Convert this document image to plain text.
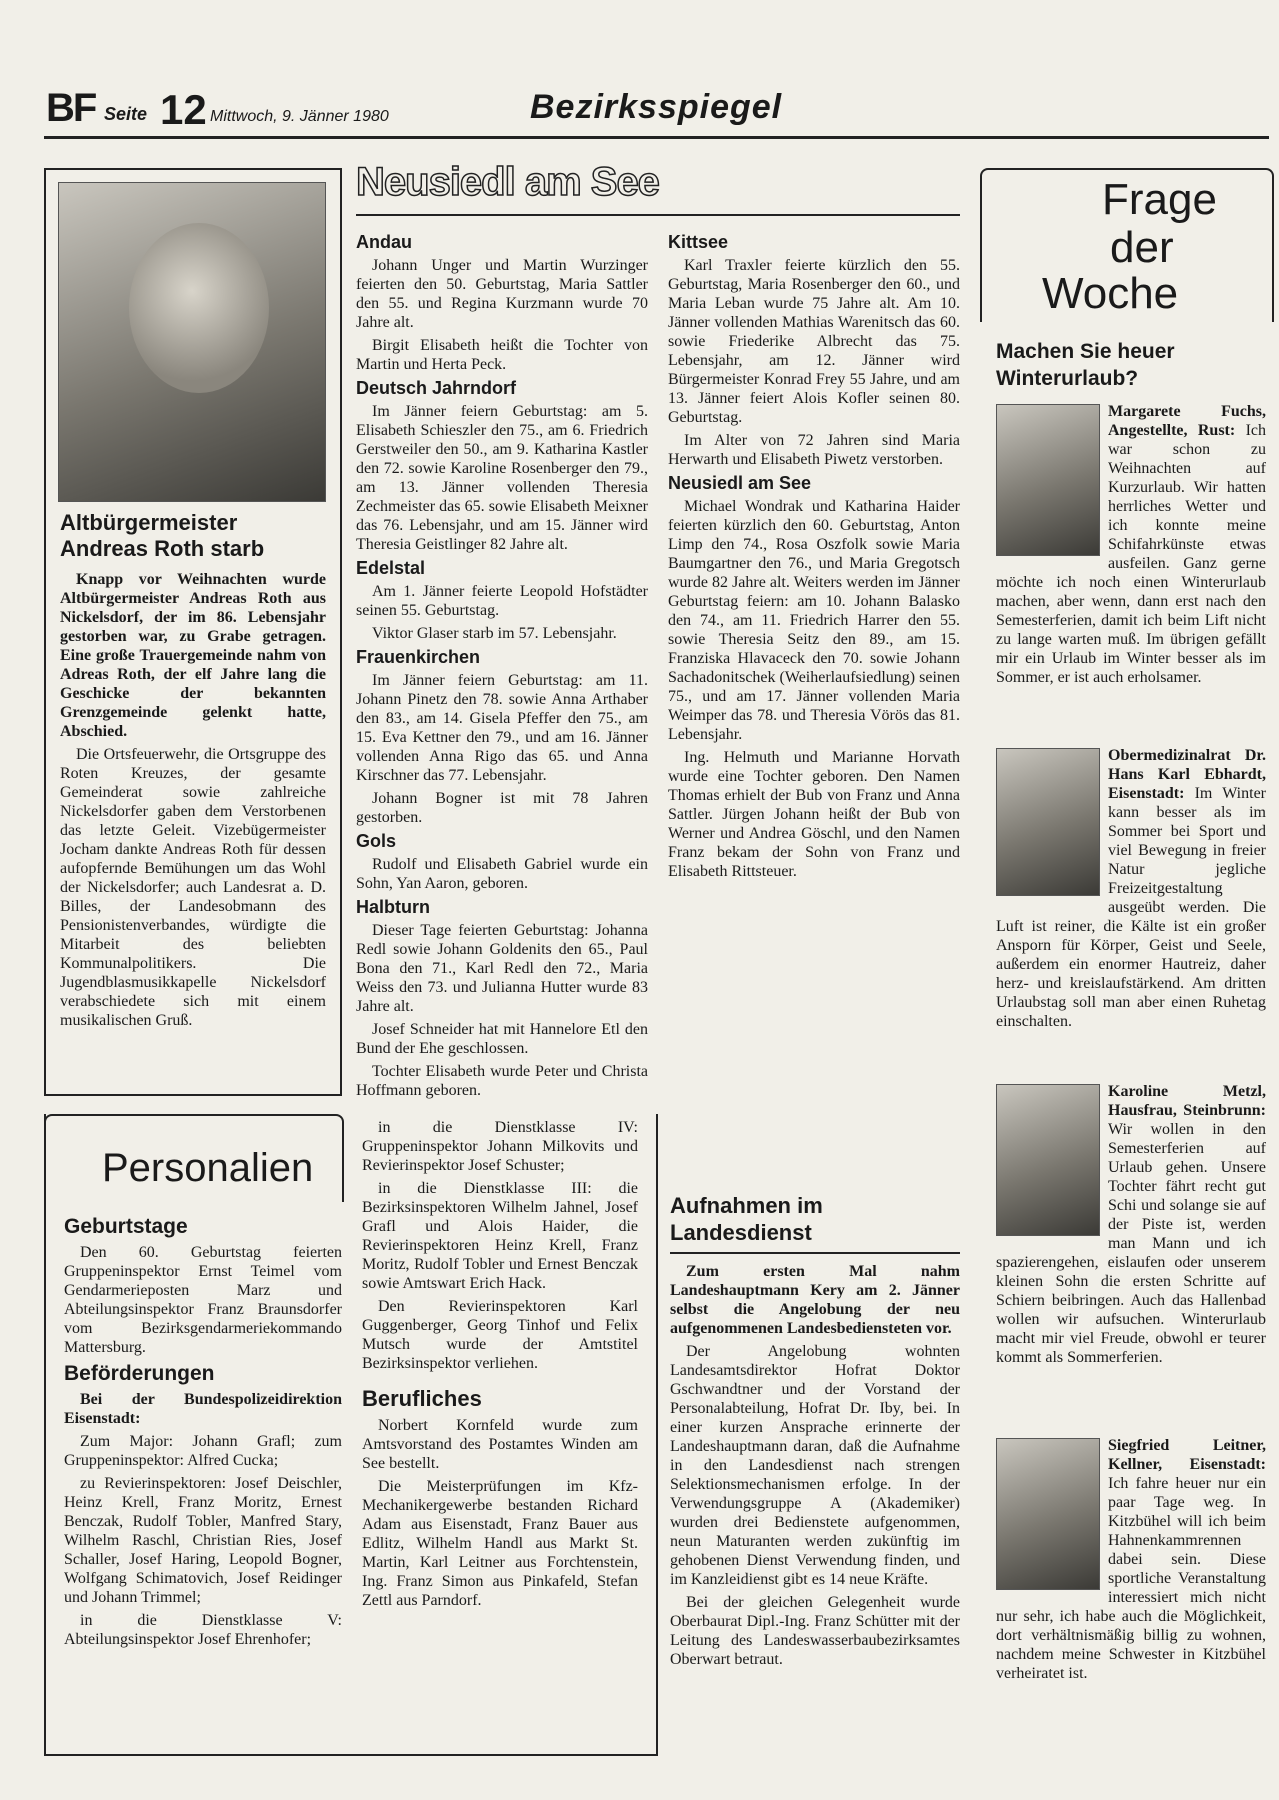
BF Seite 12 Mittwoch, 9. Jänner 1980	Bezirksspiegel
Altbürgermeister Andreas Roth starb

Knapp vor Weihnachten wurde Altbürgermeister Andreas Roth aus Nickelsdorf, der im 86. Lebensjahr gestorben war, zu Grabe getragen. Eine große Trauergemeinde nahm von Adreas Roth, der elf Jahre lang die Geschicke der bekannten Grenzgemeinde gelenkt hatte, Abschied.

Die Ortsfeuerwehr, die Ortsgruppe des Roten Kreuzes, der gesamte Gemeinderat sowie zahlreiche Nickelsdorfer gaben dem Verstorbenen das letzte Geleit. Vizebügermeister Jocham dankte Andreas Roth für dessen aufopfernde Bemühungen um das Wohl der Nickelsdorfer; auch Landesrat a. D. Billes, der Landesobmann des Pensionistenverbandes, würdigte die Mitarbeit des beliebten Kommunalpolitikers. Die Jugendblasmusikkapelle Nickelsdorf verabschiedete sich mit einem musikalischen Gruß.

Neusiedl am See
Andau

Johann Unger und Martin Wurzinger feierten den 50. Geburtstag, Maria Sattler den 55. und Regina Kurzmann wurde 70 Jahre alt.

Birgit Elisabeth heißt die Tochter von Martin und Herta Peck.

Deutsch Jahrndorf

Im Jänner feiern Geburtstag: am 5. Elisabeth Schieszler den 75., am 6. Friedrich Gerstweiler den 50., am 9. Katharina Kastler den 72. sowie Karoline Rosenberger den 79., am 13. Jänner vollenden Theresia Zechmeister das 65. sowie Elisabeth Meixner das 76. Lebensjahr, und am 15. Jänner wird Theresia Geistlinger 82 Jahre alt.

Edelstal

Am 1. Jänner feierte Leopold Hofstädter seinen 55. Geburtstag.

Viktor Glaser starb im 57. Lebensjahr.

Frauenkirchen

Im Jänner feiern Geburtstag: am 11. Johann Pinetz den 78. sowie Anna Arthaber den 83., am 14. Gisela Pfeffer den 75., am 15. Eva Kettner den 79., und am 16. Jänner vollenden Anna Rigo das 65. und Anna Kirschner das 77. Lebensjahr.

Johann Bogner ist mit 78 Jahren gestorben.

Gols

Rudolf und Elisabeth Gabriel wurde ein Sohn, Yan Aaron, geboren.

Halbturn

Dieser Tage feierten Geburtstag: Johanna Redl sowie Johann Goldenits den 65., Paul Bona den 71., Karl Redl den 72., Maria Weiss den 73. und Julianna Hutter wurde 83 Jahre alt.

Josef Schneider hat mit Hannelore Etl den Bund der Ehe geschlossen.

Tochter Elisabeth wurde Peter und Christa Hoffmann geboren.

Kittsee

Karl Traxler feierte kürzlich den 55. Geburtstag, Maria Rosenberger den 60., und Maria Leban wurde 75 Jahre alt. Am 10. Jänner vollenden Mathias Warenitsch das 60. sowie Friederike Albrecht das 75. Lebensjahr, am 12. Jänner wird Bürgermeister Konrad Frey 55 Jahre, und am 13. Jänner feiert Alois Kofler seinen 80. Geburtstag.

Im Alter von 72 Jahren sind Maria Herwarth und Elisabeth Piwetz verstorben.

Neusiedl am See

Michael Wondrak und Katharina Haider feierten kürzlich den 60. Geburtstag, Anton Limp den 74., Rosa Oszfolk sowie Maria Baumgartner den 76., und Maria Gregotsch wurde 82 Jahre alt. Weiters werden im Jänner Geburtstag feiern: am 10. Johann Balasko den 74., am 11. Friedrich Harrer den 55. sowie Theresia Seitz den 89., am 15. Franziska Hlavaceck den 70. sowie Johann Sachadonitschek (Weiherlaufsiedlung) seinen 75., und am 17. Jänner vollenden Maria Weimper das 78. und Theresia Vörös das 81. Lebensjahr.

Ing. Helmuth und Marianne Horvath wurde eine Tochter geboren. Den Namen Thomas erhielt der Bub von Franz und Anna Sattler. Jürgen Johann heißt der Bub von Werner und Andrea Göschl, und den Namen Franz bekam der Sohn von Franz und Elisabeth Rittsteuer.

Frage
der
Woche
Machen Sie heuer Winterurlaub?
Margarete Fuchs, Angestellte, Rust: Ich war schon zu Weihnachten auf Kurzurlaub. Wir hatten herrliches Wetter und ich konnte meine Schifahrkünste etwas ausfeilen. Ganz gerne möchte ich noch einen Winterurlaub machen, aber wenn, dann erst nach den Semesterferien, damit ich beim Lift nicht zu lange warten muß. Im übrigen gefällt mir ein Urlaub im Winter besser als im Sommer, er ist auch erholsamer.
Obermedizinalrat Dr. Hans Karl Ebhardt, Eisenstadt: Im Winter kann besser als im Sommer bei Sport und viel Bewegung in freier Natur jegliche Freizeitgestaltung ausgeübt werden. Die Luft ist reiner, die Kälte ist ein großer Ansporn für Körper, Geist und Seele, außerdem ein enormer Hautreiz, daher herz- und kreislaufstärkend. Am dritten Urlaubstag soll man aber einen Ruhetag einschalten.
Karoline Metzl, Hausfrau, Steinbrunn: Wir wollen in den Semesterferien auf Urlaub gehen. Unsere Tochter fährt recht gut Schi und solange sie auf der Piste ist, werden man Mann und ich spazierengehen, eislaufen oder unserem kleinen Sohn die ersten Schritte auf Schiern beibringen. Auch das Hallenbad wollen wir aufsuchen. Winterurlaub macht mir viel Freude, obwohl er teurer kommt als Sommerferien.
Siegfried Leitner, Kellner, Eisenstadt: Ich fahre heuer nur ein paar Tage weg. In Kitzbühel will ich beim Hahnenkammrennen dabei sein. Diese sportliche Veranstaltung interessiert mich nicht nur sehr, ich habe auch die Möglichkeit, dort verhältnismäßig billig zu wohnen, nachdem meine Schwester in Kitzbühel verheiratet ist.
Personalien
Geburtstage

Den 60. Geburtstag feierten Gruppeninspektor Ernst Teimel vom Gendarmerieposten Marz und Abteilungsinspektor Franz Braunsdorfer vom Bezirksgendarmeriekommando Mattersburg.

Beförderungen

Bei der Bundespolizeidirektion Eisenstadt:

Zum Major: Johann Grafl; zum Gruppeninspektor: Alfred Cucka;

zu Revierinspektoren: Josef Deischler, Heinz Krell, Franz Moritz, Ernest Benczak, Rudolf Tobler, Manfred Stary, Wilhelm Raschl, Christian Ries, Josef Schaller, Josef Haring, Leopold Bogner, Wolfgang Schimatovich, Josef Reidinger und Johann Trimmel;

in die Dienstklasse V: Abteilungsinspektor Josef Ehrenhofer;

in die Dienstklasse IV: Gruppeninspektor Johann Milkovits und Revierinspektor Josef Schuster;

in die Dienstklasse III: die Bezirksinspektoren Wilhelm Jahnel, Josef Grafl und Alois Haider, die Revierinspektoren Heinz Krell, Franz Moritz, Rudolf Tobler und Ernest Benczak sowie Amtswart Erich Hack.

Den Revierinspektoren Karl Guggenberger, Georg Tinhof und Felix Mutsch wurde der Amtstitel Bezirksinspektor verliehen.

Berufliches

Norbert Kornfeld wurde zum Amtsvorstand des Postamtes Winden am See bestellt.

Die Meisterprüfungen im Kfz-Mechanikergewerbe bestanden Richard Adam aus Eisenstadt, Franz Bauer aus Edlitz, Wilhelm Handl aus Markt St. Martin, Karl Leitner aus Forchtenstein, Ing. Franz Simon aus Pinkafeld, Stefan Zettl aus Parndorf.

Aufnahmen im Landesdienst

Zum ersten Mal nahm Landeshauptmann Kery am 2. Jänner selbst die Angelobung der neu aufgenommenen Landesbediensteten vor.

Der Angelobung wohnten Landesamtsdirektor Hofrat Doktor Gschwandtner und der Vorstand der Personalabteilung, Hofrat Dr. Iby, bei. In einer kurzen Ansprache erinnerte der Landeshauptmann daran, daß die Aufnahme in den Landesdienst nach strengen Selektionsmechanismen erfolge. In der Verwendungsgruppe A (Akademiker) wurden drei Bedienstete aufgenommen, neun Maturanten werden zukünftig im gehobenen Dienst Verwendung finden, und im Kanzleidienst gibt es 14 neue Kräfte.

Bei der gleichen Gelegenheit wurde Oberbaurat Dipl.-Ing. Franz Schütter mit der Leitung des Landeswasserbaubezirksamtes Oberwart betraut.
